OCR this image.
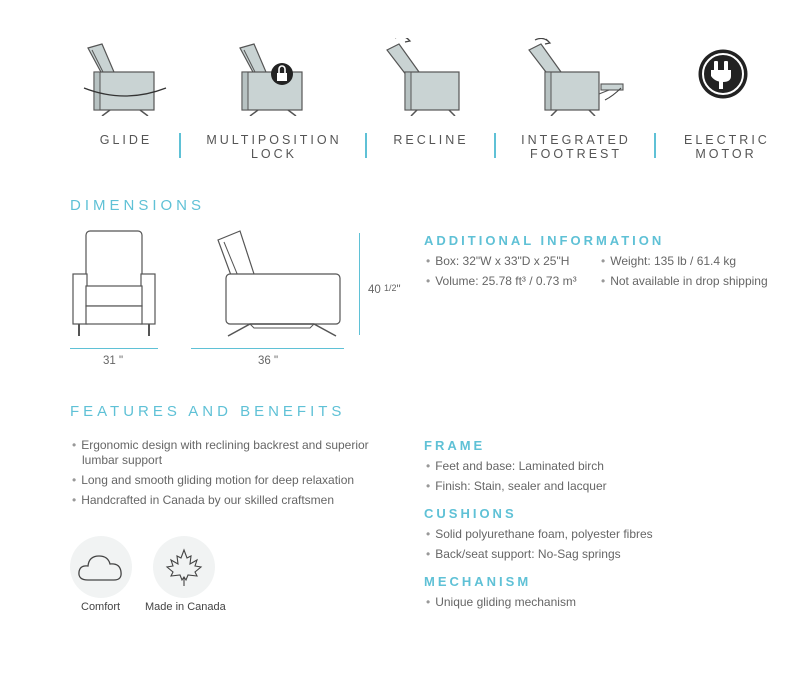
GLIDE	MULTIPOSITION
LOCK
RECLINE	INTEGRATED
FOOTREST
ELECTRIC
MOTOR
DIMENSIONS
31 "	36 "
40 1/2"
ADDITIONAL INFORMATION
• Box: 32"W x 33"D x 25"H	• Weight: 135 lb / 61.4 kg
• Volume: 25.78 ft³ / 0.73 m³	• Not available in drop shipping
FEATURES AND BENEFITS
• Ergonomic design with reclining backrest and superior lumbar support
• Long and smooth gliding motion for deep relaxation
• Handcrafted in Canada by our skilled craftsmen
Comfort Made in Canada
FRAME
• Feet and base: Laminated birch
• Finish: Stain, sealer and lacquer
CUSHIONS
• Solid polyurethane foam, polyester fibres
• Back/seat support: No-Sag springs
MECHANISM
• Unique gliding mechanism
